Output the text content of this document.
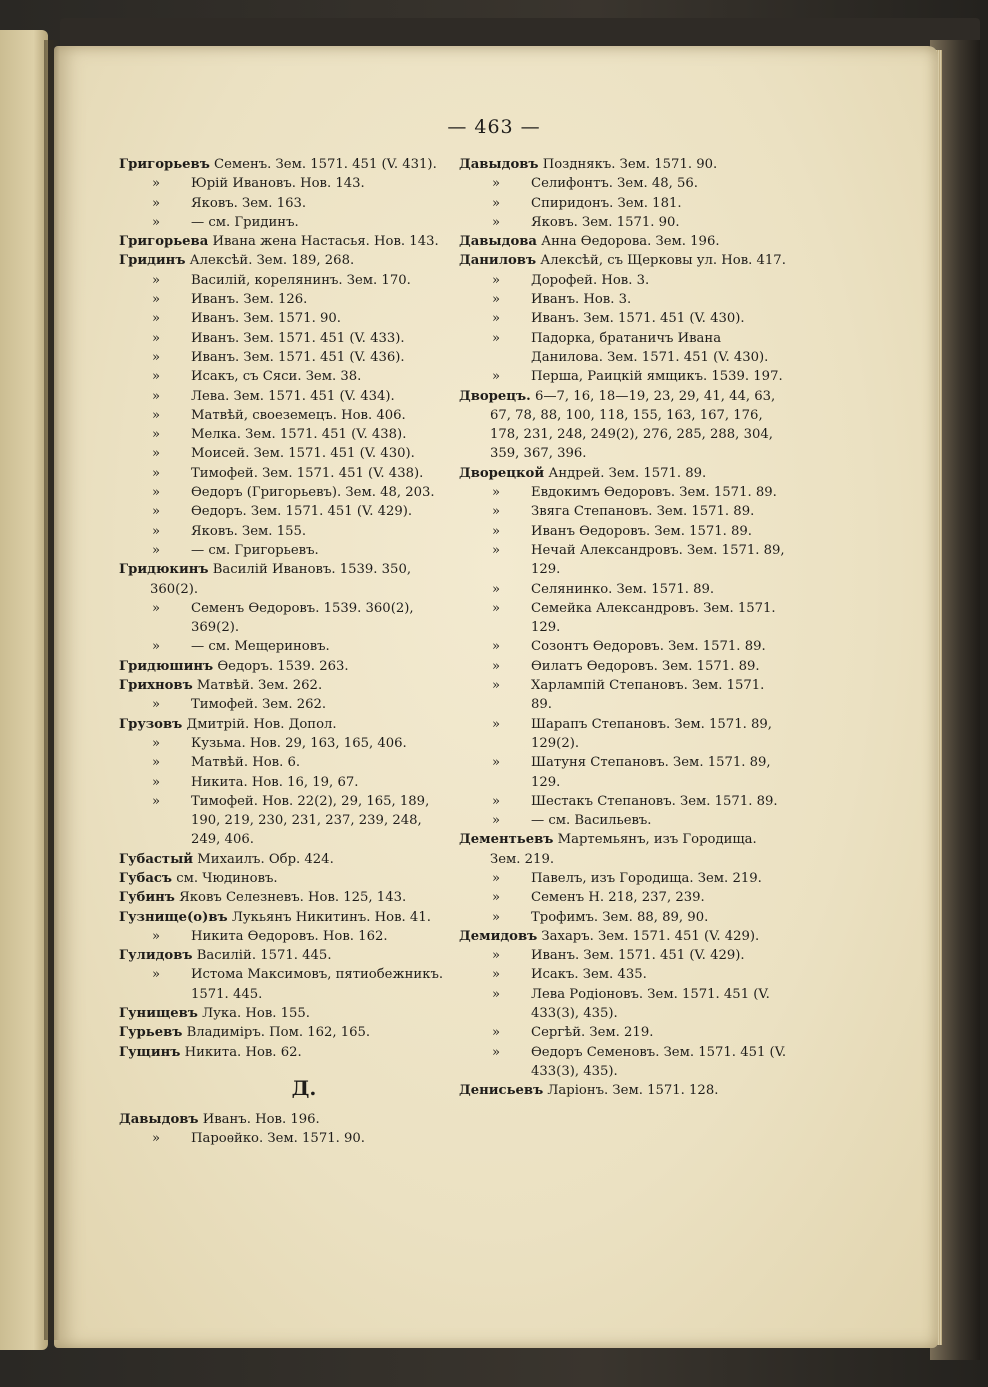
— 463 —

Григорьевъ Семенъ. Зем. 1571. 451 (V. 431).

» Юрій Ивановъ. Нов. 143.

» Яковъ. Зем. 163.

» — см. Гридинъ.

Григорьева Ивана жена Настасья. Нов. 143.

Гридинъ Алексѣй. Зем. 189, 268.

» Василій, корелянинъ. Зем. 170.

» Иванъ. Зем. 126.

» Иванъ. Зем. 1571. 90.

» Иванъ. Зем. 1571. 451 (V. 433).

» Иванъ. Зем. 1571. 451 (V. 436).

» Исакъ, съ Сяси. Зем. 38.

» Лева. Зем. 1571. 451 (V. 434).

» Матвѣй, своеземецъ. Нов. 406.

» Мелка. Зем. 1571. 451 (V. 438).

» Моисей. Зем. 1571. 451 (V. 430).

» Тимофей. Зем. 1571. 451 (V. 438).

» Өедоръ (Григорьевъ). Зем. 48, 203.

» Өедоръ. Зем. 1571. 451 (V. 429).

» Яковъ. Зем. 155.

» — см. Григорьевъ.

Гридюкинъ Василій Ивановъ. 1539. 350, 360(2).

» Семенъ Өедоровъ. 1539. 360(2), 369(2).

» — см. Мещериновъ.

Гридюшинъ Өедоръ. 1539. 263.

Грихновъ Матвѣй. Зем. 262.

» Тимофей. Зем. 262.

Грузовъ Дмитрій. Нов. Допол.

» Кузьма. Нов. 29, 163, 165, 406.

» Матвѣй. Нов. 6.

» Никита. Нов. 16, 19, 67.

» Тимофей. Нов. 22(2), 29, 165, 189, 190, 219, 230, 231, 237, 239, 248, 249, 406.

Губастый Михаилъ. Обр. 424.

Губасъ см. Чюдиновъ.

Губинъ Яковъ Селезневъ. Нов. 125, 143.

Гузнище(о)въ Лукьянъ Никитинъ. Нов. 41.

» Никита Өедоровъ. Нов. 162.

Гулидовъ Василій. 1571. 445.

» Истома Максимовъ, пятиобежникъ. 1571. 445.

Гунищевъ Лука. Нов. 155.

Гурьевъ Владиміръ. Пом. 162, 165.

Гущинъ Никита. Нов. 62.

Д.

Давыдовъ Иванъ. Нов. 196.

» Пароѳйко. Зем. 1571. 90.

Давыдовъ Позднякъ. Зем. 1571. 90.

» Селифонтъ. Зем. 48, 56.

» Спиридонъ. Зем. 181.

» Яковъ. Зем. 1571. 90.

Давыдова Анна Өедорова. Зем. 196.

Даниловъ Алексѣй, съ Щерковы ул. Нов. 417.

» Дорофей. Нов. 3.

» Иванъ. Нов. 3.

» Иванъ. Зем. 1571. 451 (V. 430).

» Падорка, братаничъ Ивана Данилова. Зем. 1571. 451 (V. 430).

» Перша, Раицкій ямщикъ. 1539. 197.

Дворецъ. 6—7, 16, 18—19, 23, 29, 41, 44, 63, 67, 78, 88, 100, 118, 155, 163, 167, 176, 178, 231, 248, 249(2), 276, 285, 288, 304, 359, 367, 396.

Дворецкой Андрей. Зем. 1571. 89.

» Евдокимъ Өедоровъ. Зем. 1571. 89.

» Звяга Степановъ. Зем. 1571. 89.

» Иванъ Өедоровъ. Зем. 1571. 89.

» Нечай Александровъ. Зем. 1571. 89, 129.

» Селянинко. Зем. 1571. 89.

» Семейка Александровъ. Зем. 1571. 129.

» Созонтъ Өедоровъ. Зем. 1571. 89.

» Өилатъ Өедоровъ. Зем. 1571. 89.

» Харлампій Степановъ. Зем. 1571. 89.

» Шарапъ Степановъ. Зем. 1571. 89, 129(2).

» Шатуня Степановъ. Зем. 1571. 89, 129.

» Шестакъ Степановъ. Зем. 1571. 89.

» — см. Васильевъ.

Дементьевъ Мартемьянъ, изъ Городища. Зем. 219.

» Павелъ, изъ Городища. Зем. 219.

» Семенъ Н. 218, 237, 239.

» Трофимъ. Зем. 88, 89, 90.

Демидовъ Захаръ. Зем. 1571. 451 (V. 429).

» Иванъ. Зем. 1571. 451 (V. 429).

» Исакъ. Зем. 435.

» Лева Родіоновъ. Зем. 1571. 451 (V. 433(3), 435).

» Сергѣй. Зем. 219.

» Өедоръ Семеновъ. Зем. 1571. 451 (V. 433(3), 435).

Денисьевъ Ларіонъ. Зем. 1571. 128.
